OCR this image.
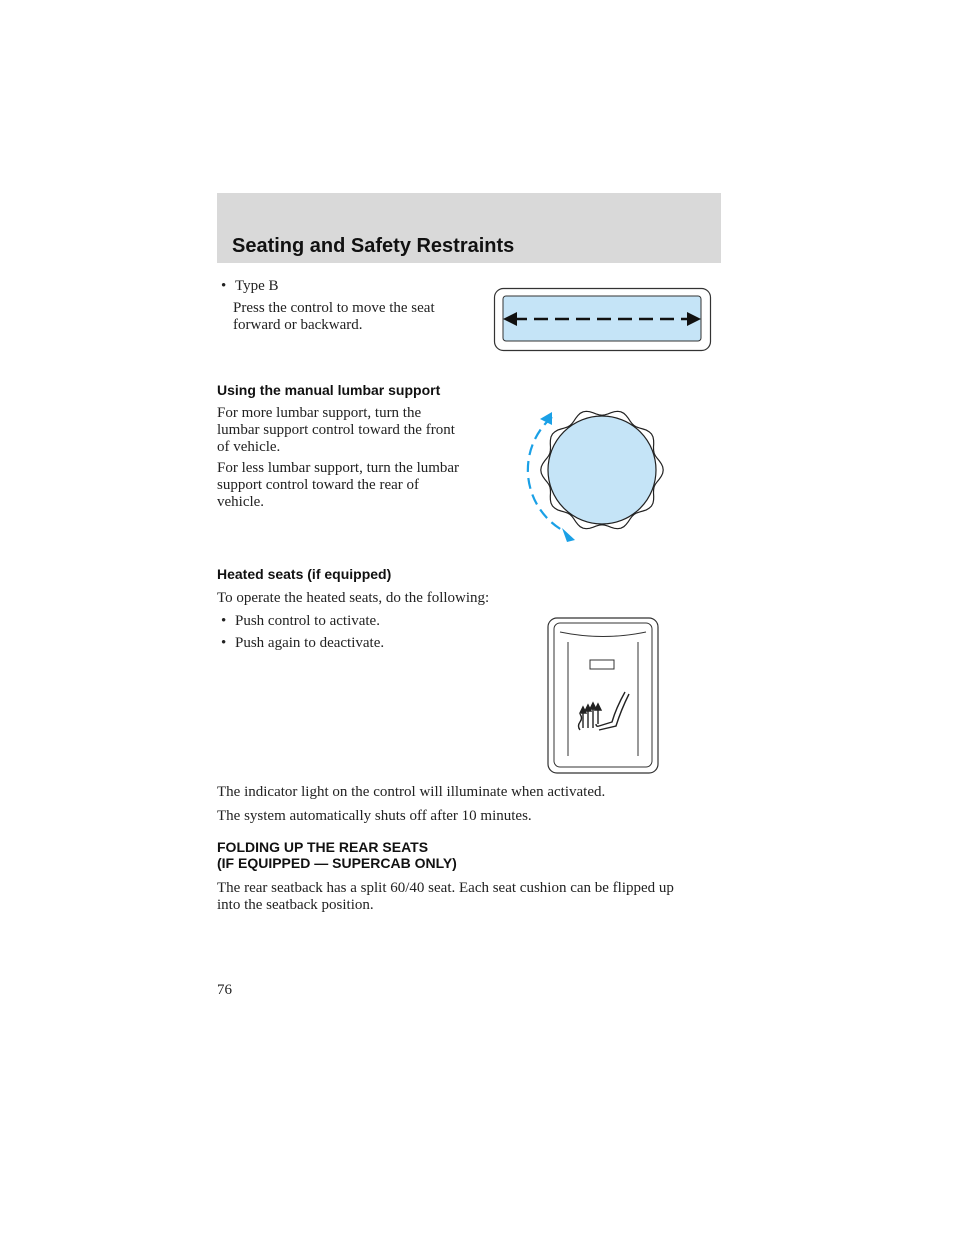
Seating and Safety Restraints
• Type B
Press the control to move the seat forward or backward.
Using the manual lumbar support
For more lumbar support, turn the lumbar support control toward the front of vehicle.
For less lumbar support, turn the lumbar support control toward the rear of vehicle.
Heated seats (if equipped)
To operate the heated seats, do the following:
• Push control to activate.
• Push again to deactivate.
The indicator light on the control will illuminate when activated.
The system automatically shuts off after 10 minutes.
FOLDING UP THE REAR SEATS
(IF EQUIPPED — SUPERCAB ONLY)
The rear seatback has a split 60/40 seat. Each seat cushion can be flipped up into the seatback position.
76
